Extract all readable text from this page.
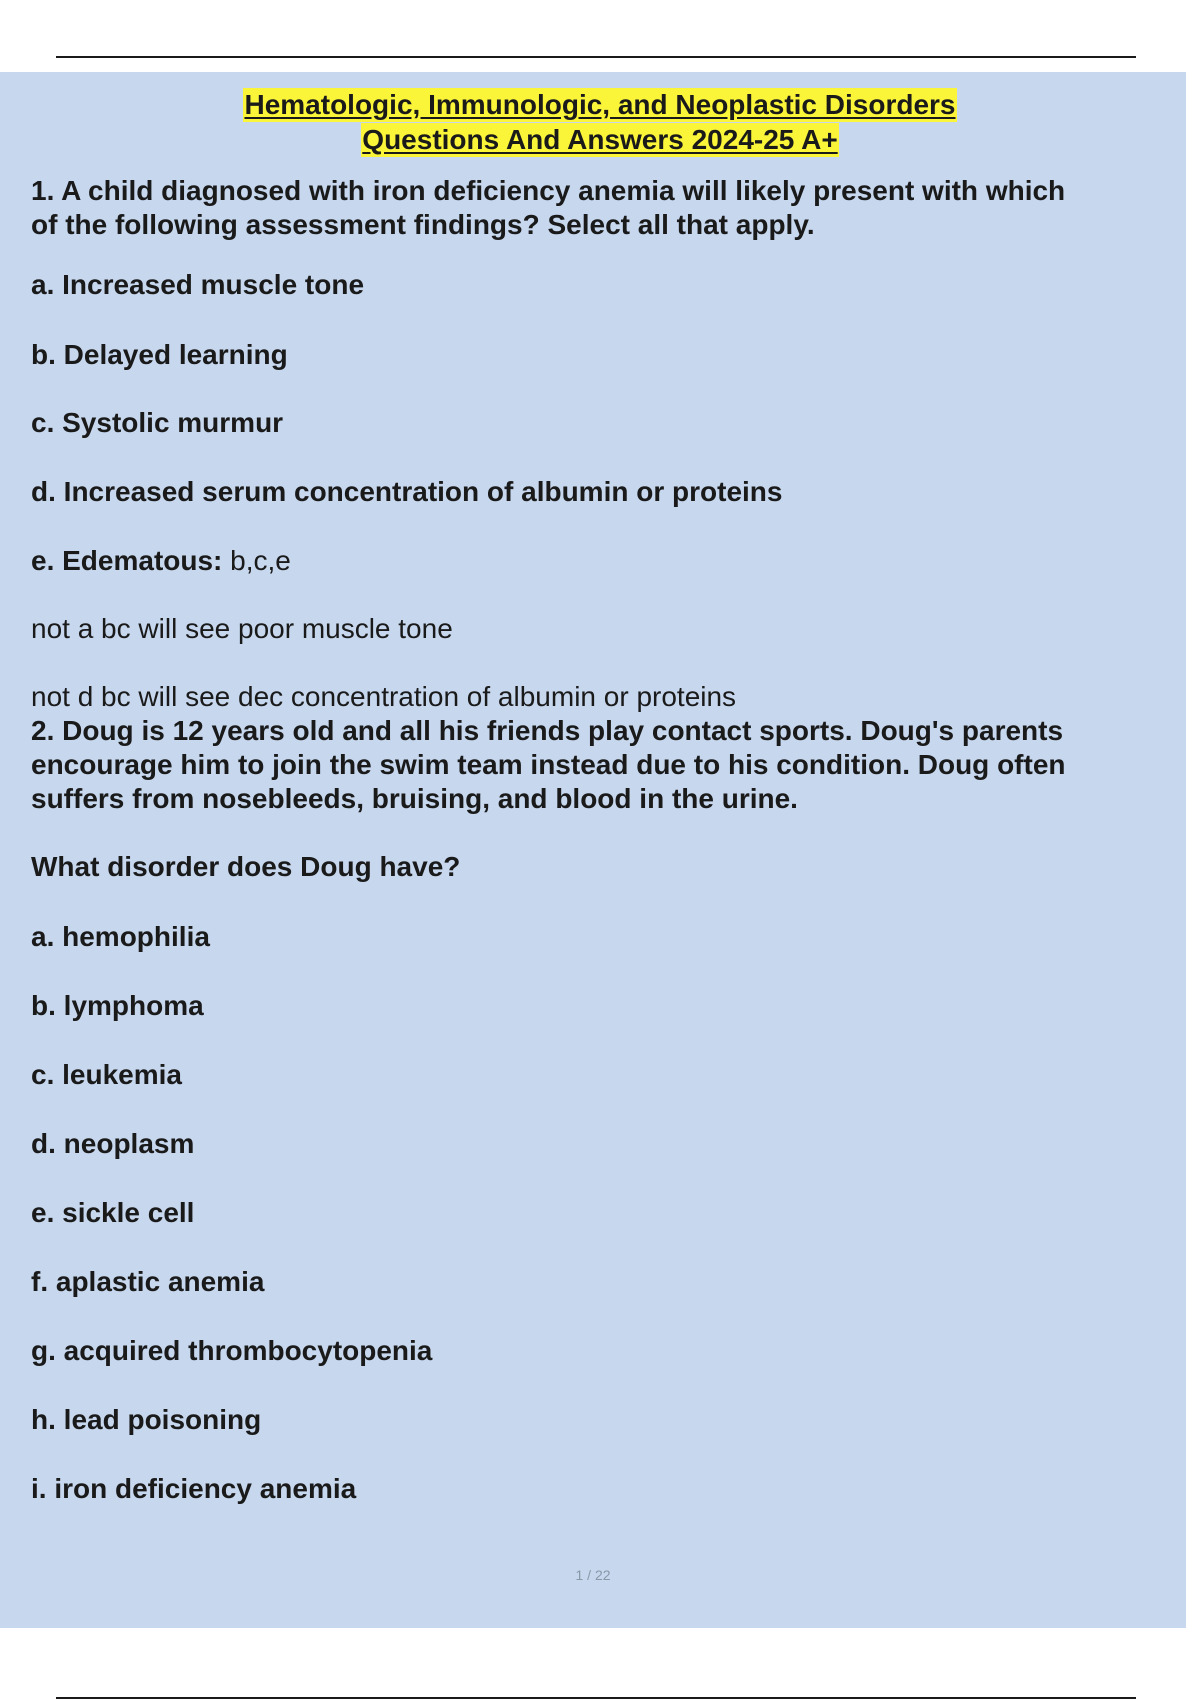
Hematologic, Immunologic, and Neoplastic Disorders
Questions And Answers 2024-25 A+
1. A child diagnosed with iron deficiency anemia will likely present with which
of the following assessment findings? Select all that apply.
a. Increased muscle tone
b. Delayed learning
c. Systolic murmur
d. Increased serum concentration of albumin or proteins
e. Edematous: b,c,e
not a bc will see poor muscle tone
not d bc will see dec concentration of albumin or proteins
2. Doug is 12 years old and all his friends play contact sports. Doug's parents
encourage him to join the swim team instead due to his condition. Doug often
suffers from nosebleeds, bruising, and blood in the urine.
What disorder does Doug have?
a. hemophilia
b. lymphoma
c. leukemia
d. neoplasm
e. sickle cell
f. aplastic anemia
g. acquired thrombocytopenia
h. lead poisoning
i. iron deficiency anemia
1 / 22
